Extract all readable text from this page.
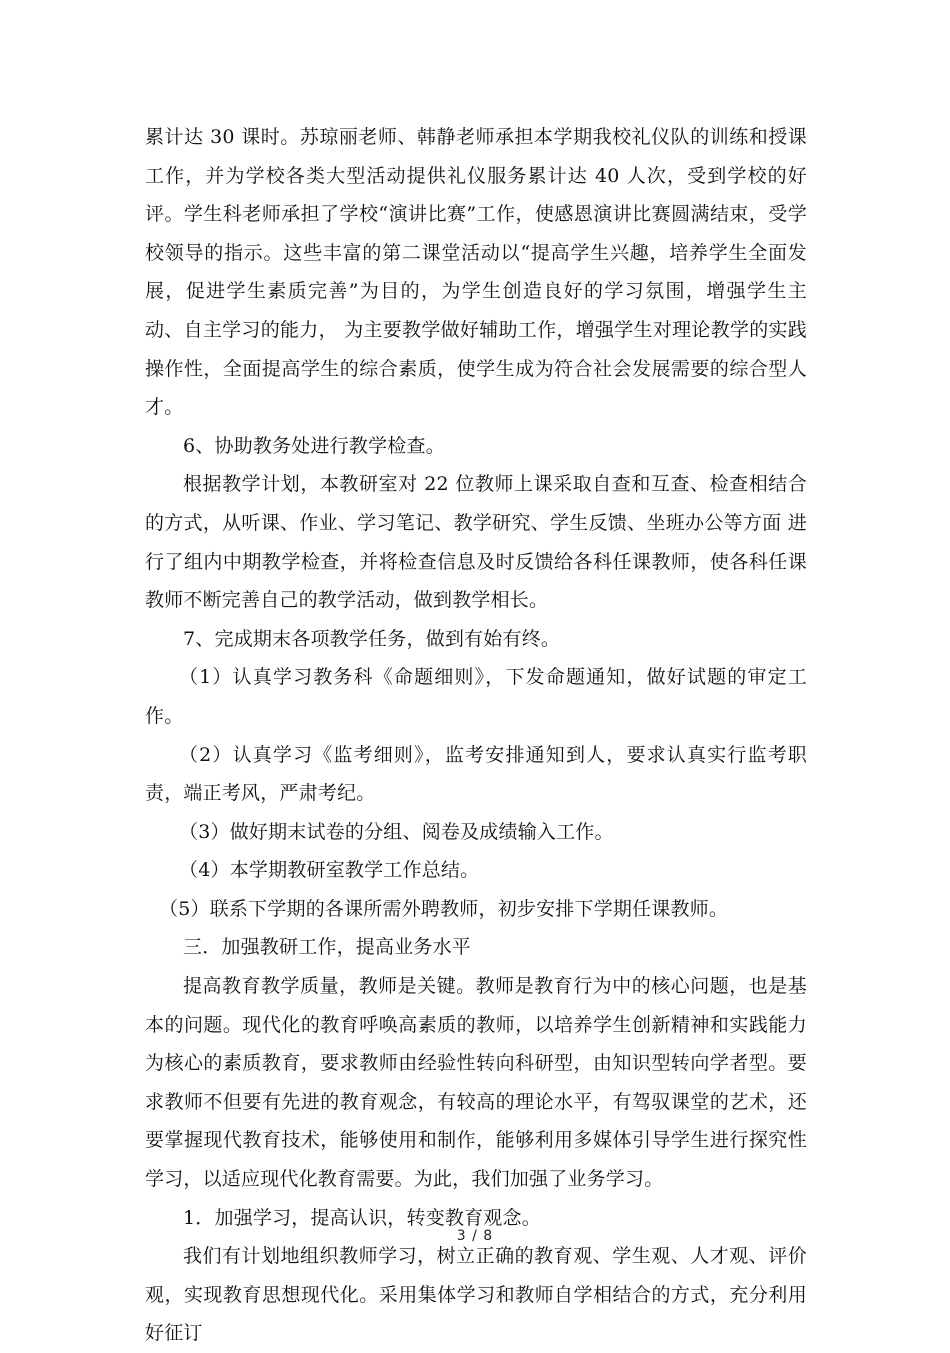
累计达 30 课时。苏琼丽老师、韩静老师承担本学期我校礼仪队的训练和授课工作，并为学校各类大型活动提供礼仪服务累计达 40 人次，受到学校的好评。学生科老师承担了学校“演讲比赛”工作，使感恩演讲比赛圆满结束，受学校领导的指示。这些丰富的第二课堂活动以“提高学生兴趣，培养学生全面发展，促进学生素质完善”为目的，为学生创造良好的学习氛围，增强学生主动、自主学习的能力， 为主要教学做好辅助工作，增强学生对理论教学的实践操作性，全面提高学生的综合素质，使学生成为符合社会发展需要的综合型人才。

6、协助教务处进行教学检查。

根据教学计划，本教研室对 22 位教师上课采取自查和互查、检查相结合的方式，从听课、作业、学习笔记、教学研究、学生反馈、坐班办公等方面 进行了组内中期教学检查，并将检查信息及时反馈给各科任课教师，使各科任课教师不断完善自己的教学活动，做到教学相长。

7、完成期末各项教学任务，做到有始有终。

（1）认真学习教务科《命题细则》，下发命题通知，做好试题的审定工作。

（2）认真学习《监考细则》，监考安排通知到人，要求认真实行监考职责，端正考风，严肃考纪。

（3）做好期末试卷的分组、阅卷及成绩输入工作。

（4）本学期教研室教学工作总结。

（5）联系下学期的各课所需外聘教师，初步安排下学期任课教师。

三．加强教研工作，提高业务水平

提高教育教学质量，教师是关键。教师是教育行为中的核心问题，也是基本的问题。现代化的教育呼唤高素质的教师，以培养学生创新精神和实践能力为核心的素质教育，要求教师由经验性转向科研型，由知识型转向学者型。要求教师不但要有先进的教育观念，有较高的理论水平，有驾驭课堂的艺术，还要掌握现代教育技术，能够使用和制作，能够利用多媒体引导学生进行探究性学习，以适应现代化教育需要。为此，我们加强了业务学习。

1．加强学习，提高认识，转变教育观念。

我们有计划地组织教师学习，树立正确的教育观、学生观、人才观、评价观，实现教育思想现代化。采用集体学习和教师自学相结合的方式，充分利用好征订

3 / 8
